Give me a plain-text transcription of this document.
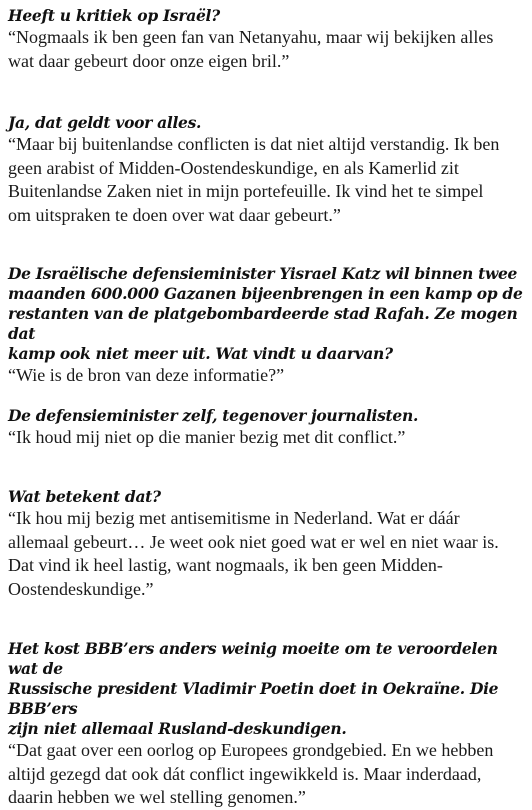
Heeft u kritiek op Israël?

“Nogmaals ik ben geen fan van Netanyahu, maar wij bekijken alles
wat daar gebeurt door onze eigen bril.”

Ja, dat geldt voor alles.

“Maar bij buitenlandse conflicten is dat niet altijd verstandig. Ik ben
geen arabist of Midden-Oostendeskundige, en als Kamerlid zit
Buitenlandse Zaken niet in mijn portefeuille. Ik vind het te simpel
om uitspraken te doen over wat daar gebeurt.”

De Israëlische defensieminister Yisrael Katz wil binnen twee
maanden 600.000 Gazanen bijeenbrengen in een kamp op de
restanten van de platgebombardeerde stad Rafah. Ze mogen dat
kamp ook niet meer uit. Wat vindt u daarvan?

“Wie is de bron van deze informatie?”

De defensieminister zelf, tegenover journalisten.

“Ik houd mij niet op die manier bezig met dit conflict.”

Wat betekent dat?

“Ik hou mij bezig met antisemitisme in Nederland. Wat er dáár
allemaal gebeurt… Je weet ook niet goed wat er wel en niet waar is.
Dat vind ik heel lastig, want nogmaals, ik ben geen Midden-
Oostendeskundige.”

Het kost BBB’ers anders weinig moeite om te veroordelen wat de
Russische president Vladimir Poetin doet in Oekraïne. Die BBB’ers
zijn niet allemaal Rusland-deskundigen.

“Dat gaat over een oorlog op Europees grondgebied. En we hebben
altijd gezegd dat ook dát conflict ingewikkeld is. Maar inderdaad,
daarin hebben we wel stelling genomen.”
